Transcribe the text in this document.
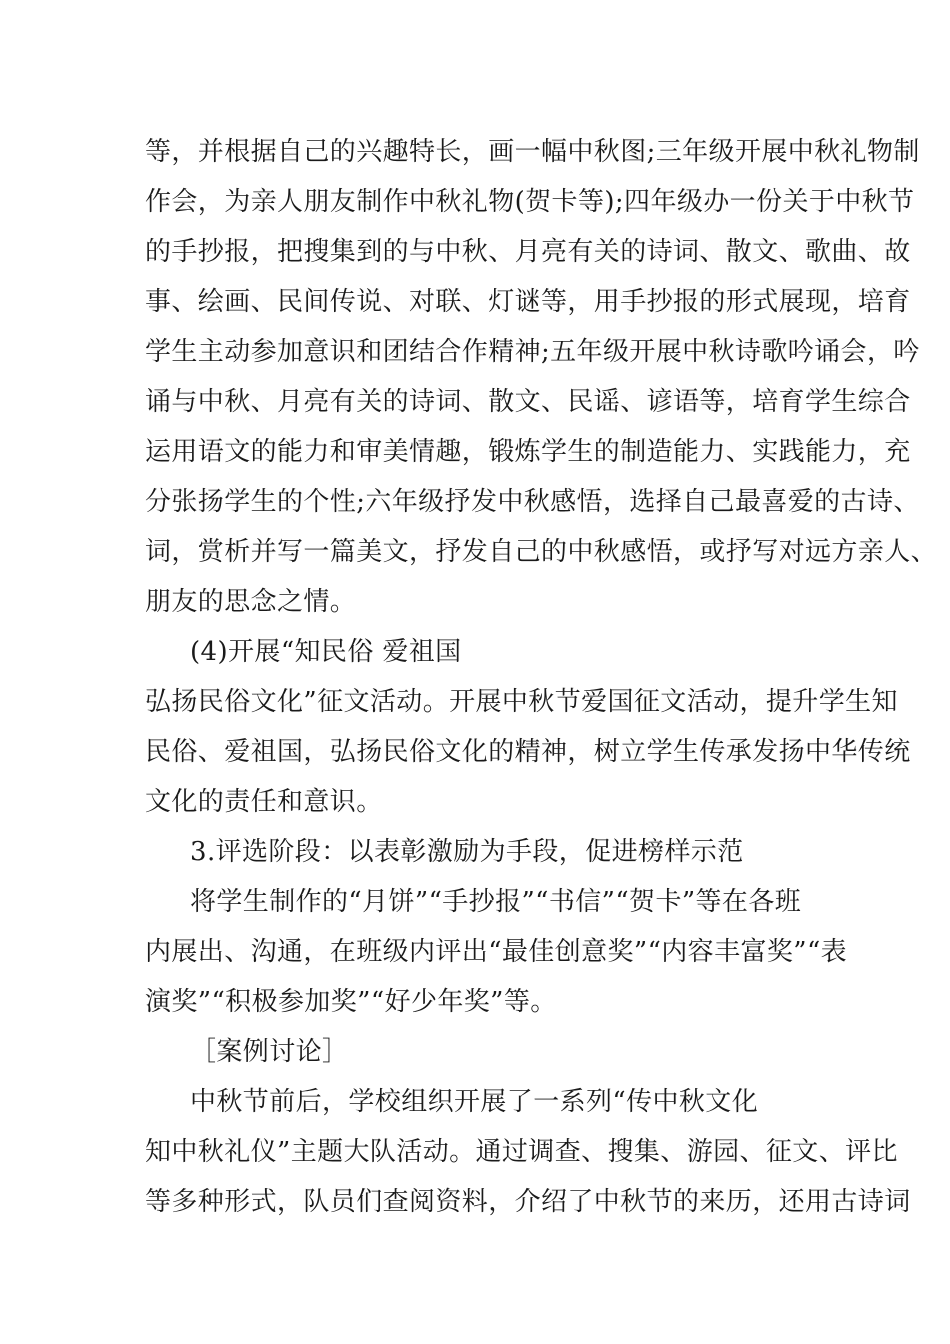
等，并根据自己的兴趣特长，画一幅中秋图;三年级开展中秋礼物制
作会，为亲人朋友制作中秋礼物(贺卡等);四年级办一份关于中秋节
的手抄报，把搜集到的与中秋、月亮有关的诗词、散文、歌曲、故
事、绘画、民间传说、对联、灯谜等，用手抄报的形式展现，培育
学生主动参加意识和团结合作精神;五年级开展中秋诗歌吟诵会，吟
诵与中秋、月亮有关的诗词、散文、民谣、谚语等，培育学生综合
运用语文的能力和审美情趣，锻炼学生的制造能力、实践能力，充
分张扬学生的个性;六年级抒发中秋感悟，选择自己最喜爱的古诗、
词，赏析并写一篇美文，抒发自己的中秋感悟，或抒写对远方亲人、
朋友的思念之情。
(4)开展“知民俗 爱祖国
弘扬民俗文化”征文活动。开展中秋节爱国征文活动，提升学生知
民俗、爱祖国，弘扬民俗文化的精神，树立学生传承发扬中华传统
文化的责任和意识。
3.评选阶段：以表彰激励为手段，促进榜样示范
将学生制作的“月饼”“手抄报”“书信”“贺卡”等在各班
内展出、沟通，在班级内评出“最佳创意奖”“内容丰富奖”“表
演奖”“积极参加奖”“好少年奖”等。
［案例讨论］
中秋节前后，学校组织开展了一系列“传中秋文化
知中秋礼仪”主题大队活动。通过调查、搜集、游园、征文、评比
等多种形式，队员们查阅资料，介绍了中秋节的来历，还用古诗词
